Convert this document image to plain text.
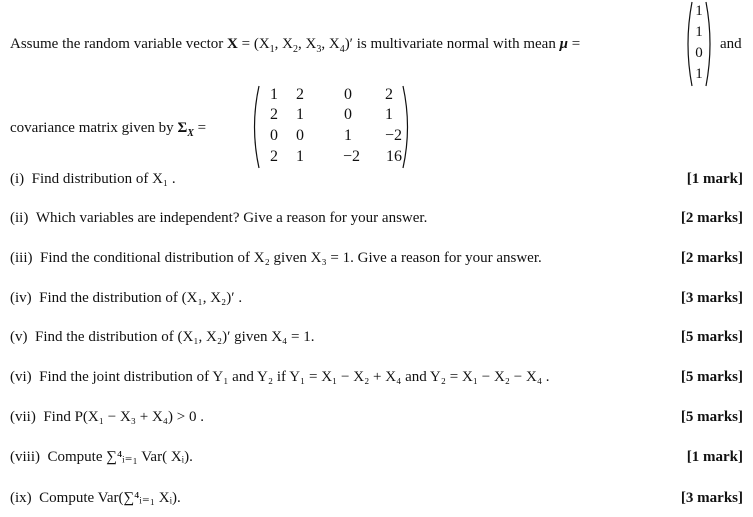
Assume the random variable vector $X = (X_1$, $X_2$, $X_3$, $X_4)'$ is multivariate normal with mean μ =
1
1
0
1
and
covariance matrix given by $\Sigma_X$ =
1	2	0	2
2	1	0	1
0	0	1	−2
2	1	−2	16
(i) Find distribution of X₁ .	[1 mark]
(ii) Which variables are independent? Give a reason for your answer.	[2 marks]
(iii) Find the conditional distribution of X₂ given X₃ = 1. Give a reason for your answer.	[2 marks]
(iv) Find the distribution of (X₁, X₂)′ .	[3 marks]
(v) Find the distribution of (X₁, X₂)′ given X₄ = 1.	[5 marks]
(vi) Find the joint distribution of Y₁ and Y₂ if Y₁ = X₁ − X₂ + X₄ and Y₂ = X₁ − X₂ − X₄ .	[5 marks]
(vii) Find P(X₁ − X₃ + X₄) > 0 .	[5 marks]
(viii) Compute ∑⁴ᵢ₌₁ Var( Xᵢ).	[1 mark]
(ix) Compute Var(∑⁴ᵢ₌₁ Xᵢ).	[3 marks]
